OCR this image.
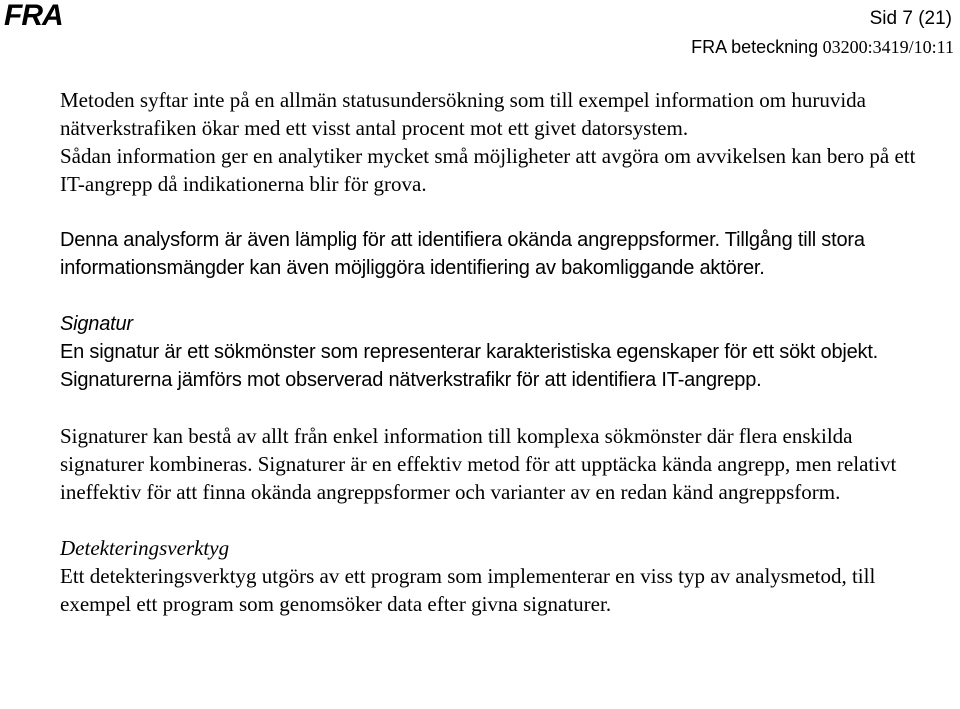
FRA	Sid 7 (21)
FRA beteckning 03200:3419/10:11

Metoden syftar inte på en allmän statusundersökning som till exempel information om huruvida nätverkstrafiken ökar med ett visst antal procent mot ett givet datorsystem.

Sådan information ger en analytiker mycket små möjligheter att avgöra om avvikelsen kan bero på ett IT-angrepp då indikationerna blir för grova.

Denna analysform är även lämplig för att identifiera okända angreppsformer. Tillgång till stora informationsmängder kan även möjliggöra identifiering av bakomliggande aktörer.

Signatur

En signatur är ett sökmönster som representerar karakteristiska egenskaper för ett sökt objekt. Signaturerna jämförs mot observerad nätverkstrafikr för att identifiera IT-angrepp.

Signaturer kan bestå av allt från enkel information till komplexa sökmönster där flera enskilda signaturer kombineras. Signaturer är en effektiv metod för att upptäcka kända angrepp, men relativt ineffektiv för att finna okända angreppsformer och varianter av en redan känd angreppsform.

Detekteringsverktyg

Ett detekteringsverktyg utgörs av ett program som implementerar en viss typ av analysmetod, till exempel ett program som genomsöker data efter givna signaturer.
